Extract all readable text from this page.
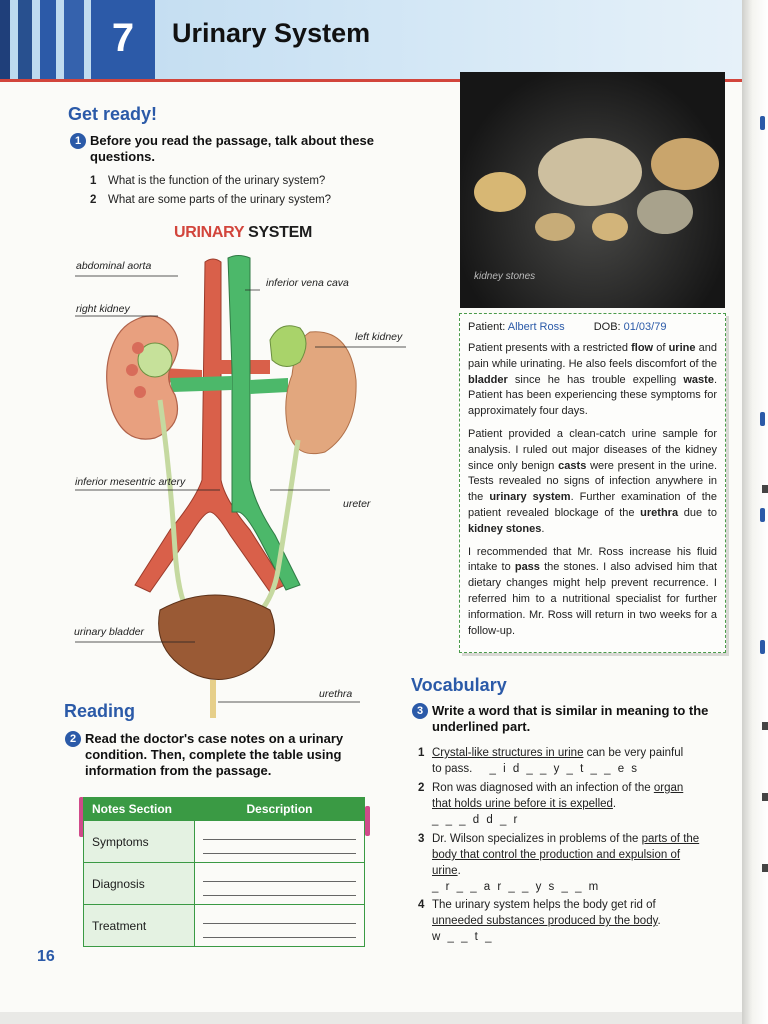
7	Urinary System
Get ready!
1 Before you read the passage, talk about these questions.
1 What is the function of the urinary system?
2 What are some parts of the urinary system?
URINARY SYSTEM
abdominal aorta
inferior vena cava
right kidney
left kidney
inferior mesentric artery
ureter
urinary bladder
urethra
kidney stones
Patient: Albert Ross	DOB: 01/03/79

Patient presents with a restricted flow of urine and pain while urinating. He also feels discomfort of the bladder since he has trouble expelling waste. Patient has been experiencing these symptoms for approximately four days.

Patient provided a clean-catch urine sample for analysis. I ruled out major diseases of the kidney since only benign casts were present in the urine. Tests revealed no signs of infection anywhere in the urinary system. Further examination of the patient revealed blockage of the urethra due to kidney stones.

I recommended that Mr. Ross increase his fluid intake to pass the stones. I also advised him that dietary changes might help prevent recurrence. I referred him to a nutritional specialist for further information. Mr. Ross will return in two weeks for a follow-up.

Reading
2 Read the doctor's case notes on a urinary condition. Then, complete the table using information from the passage.
Notes Section	Description
Symptoms	

Diagnosis	

Treatment	
Vocabulary
3 Write a word that is similar in meaning to the underlined part.
1 Crystal-like structures in urine can be very painful to pass. _ i d _ _ y _ t _ _ e s
2 Ron was diagnosed with an infection of the organ that holds urine before it is expelled.
_ _ _ d d _ r
3 Dr. Wilson specializes in problems of the parts of the body that control the production and expulsion of urine.
_ r _ _ a r _ _ y s _ _ m
4 The urinary system helps the body get rid of unneeded substances produced by the body.
w _ _ t _
16
